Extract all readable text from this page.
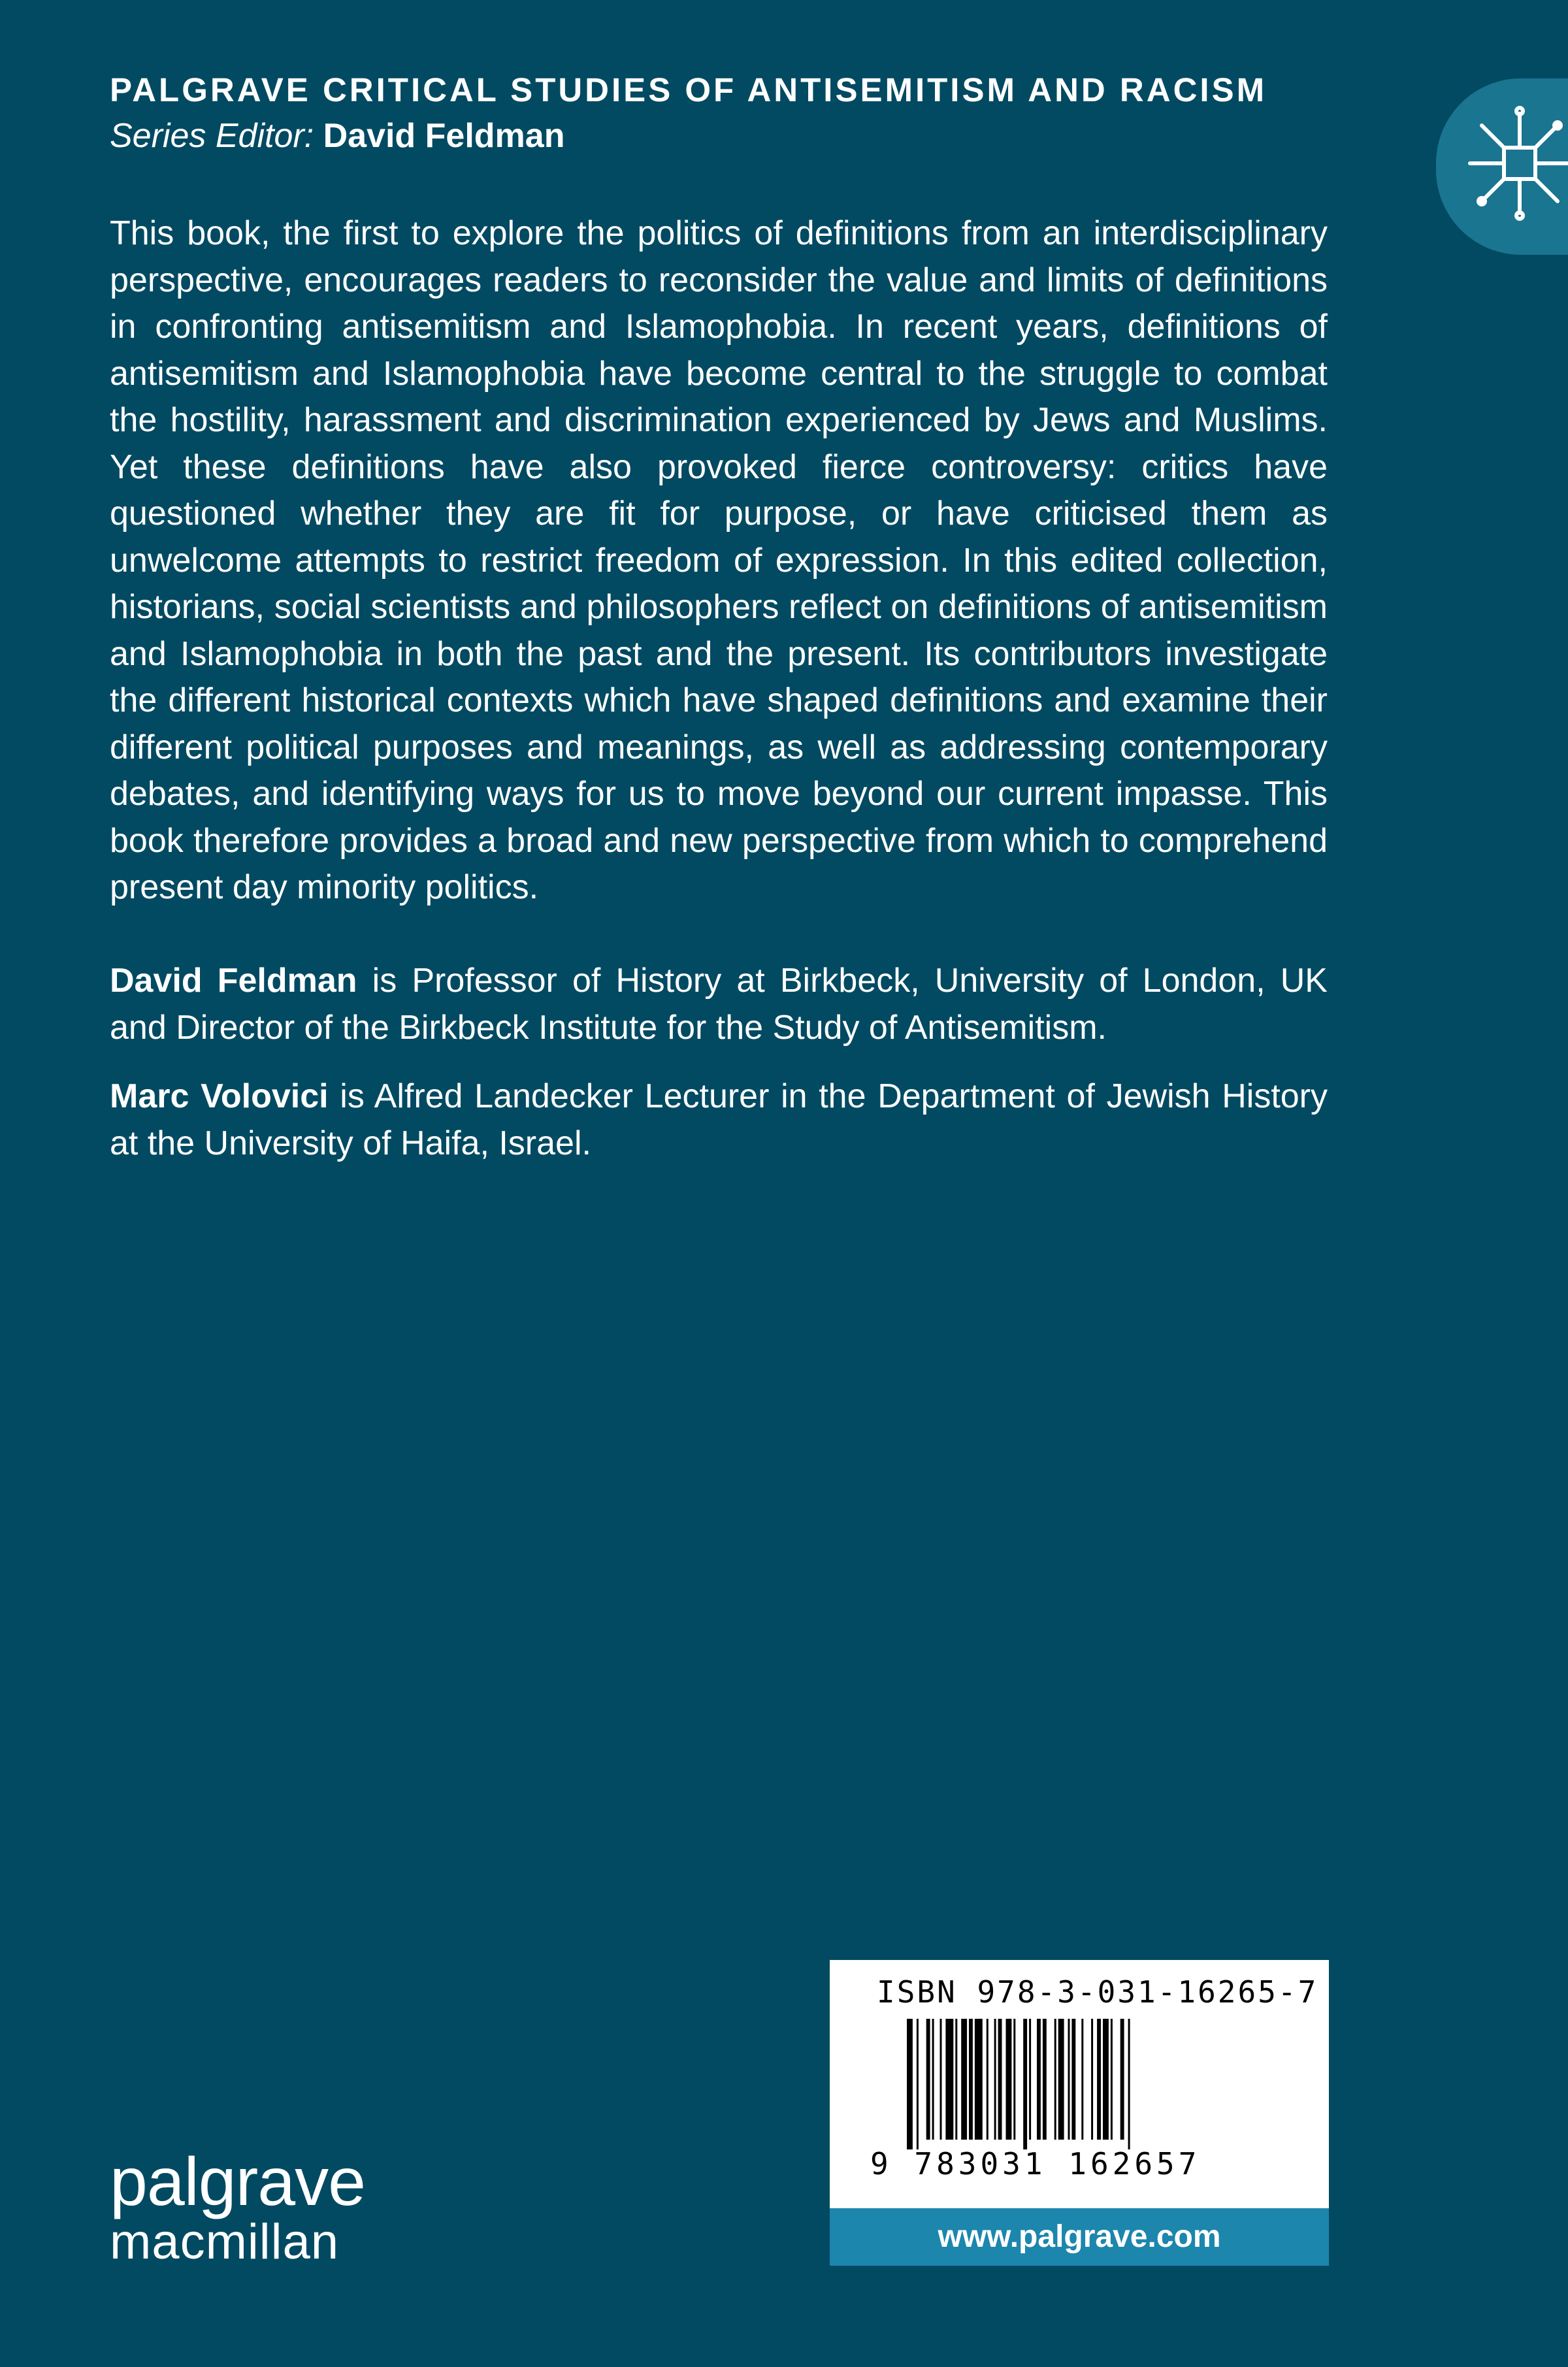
PALGRAVE CRITICAL STUDIES OF ANTISEMITISM AND RACISM
Series Editor: David Feldman
This book, the first to explore the politics of definitions from an interdisciplinary perspective, encourages readers to reconsider the value and limits of definitions in confronting antisemitism and Islamophobia. In recent years, definitions of antisemitism and Islamophobia have become central to the struggle to combat the hostility, harassment and discrimination experienced by Jews and Muslims. Yet these definitions have also provoked fierce controversy: critics have questioned whether they are fit for purpose, or have criticised them as unwelcome attempts to restrict freedom of expression. In this edited collection, historians, social scientists and philosophers reflect on definitions of antisemitism and Islamophobia in both the past and the present. Its contributors investigate the different historical contexts which have shaped definitions and examine their different political purposes and meanings, as well as addressing contemporary debates, and identifying ways for us to move beyond our current impasse. This book therefore provides a broad and new perspective from which to comprehend present day minority politics.
David Feldman is Professor of History at Birkbeck, University of London, UK and Director of the Birkbeck Institute for the Study of Antisemitism.
Marc Volovici is Alfred Landecker Lecturer in the Department of Jewish History at the University of Haifa, Israel.
ISBN 978-3-031-16265-7
9 783031 162657
www.palgrave.com
palgrave
macmillan
